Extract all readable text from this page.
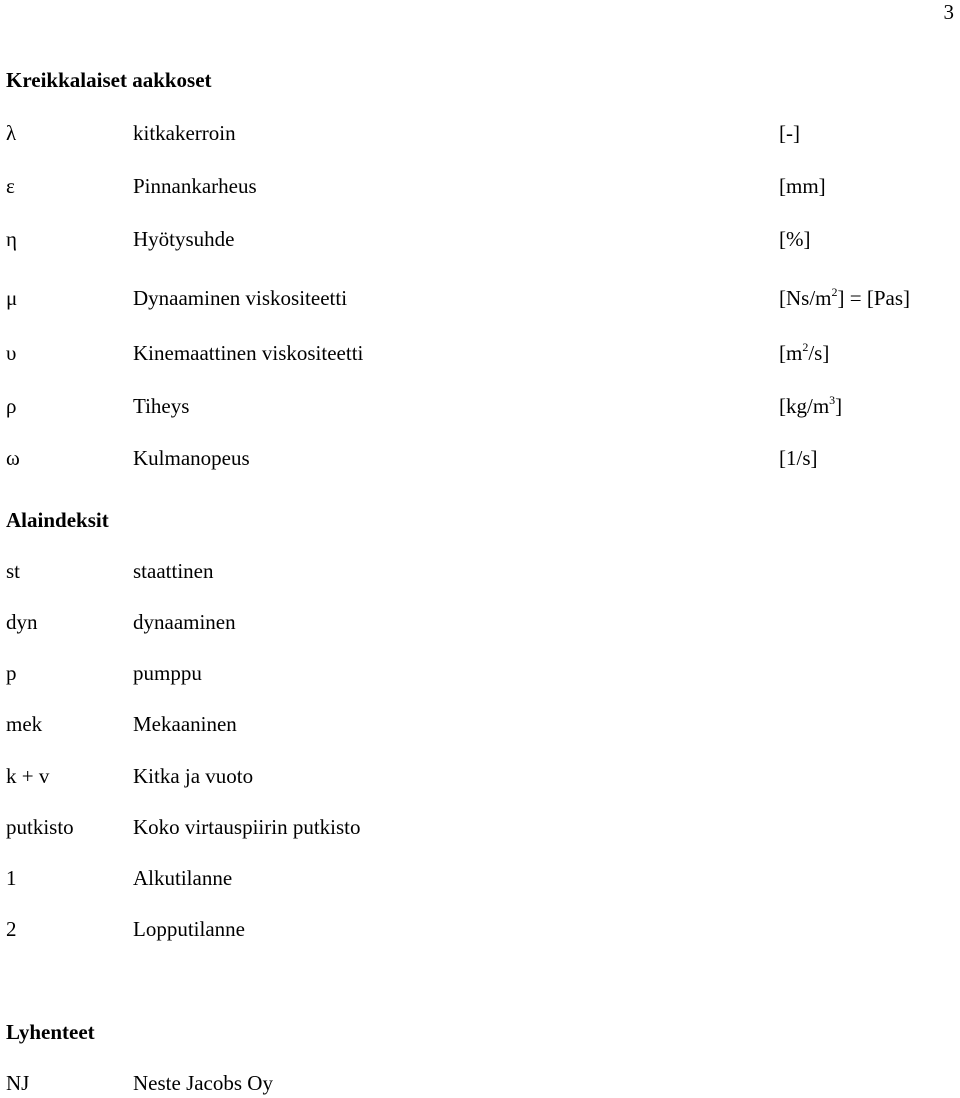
3
Kreikkalaiset aakkoset
λ	kitkakerroin	[-]
ε	Pinnankarheus	[mm]
η	Hyötysuhde	[%]
μ	Dynaaminen viskositeetti	$[Ns/m^2] = [Pas]$
υ	Kinemaattinen viskositeetti	$[m^2/s]$
ρ	Tiheys	$[kg/m^3]$
ω	Kulmanopeus	[1/s]
Alaindeksit
st	staattinen
dyn	dynaaminen
p	pumppu
mek	Mekaaninen
k + v	Kitka ja vuoto
putkisto	Koko virtauspiirin putkisto
1	Alkutilanne
2	Lopputilanne
Lyhenteet
NJ	Neste Jacobs Oy
